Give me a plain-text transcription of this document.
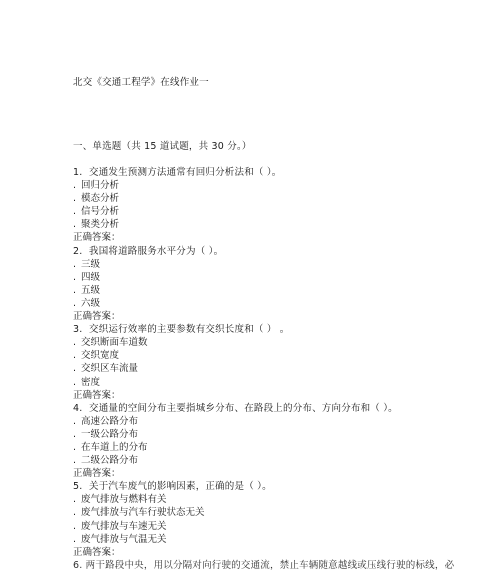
北交《交通工程学》在线作业一
一、单选题（共 15 道试题，共 30 分。）
1. 交通发生预测方法通常有回归分析法和（ ）。
. 回归分析
. 模态分析
. 信号分析
. 聚类分析
正确答案：
2. 我国将道路服务水平分为（ ）。
. 三级
. 四级
. 五级
. 六级
正确答案：
3. 交织运行效率的主要参数有交织长度和（ ） 。
. 交织断面车道数
. 交织宽度
. 交织区车流量
. 密度
正确答案：
4. 交通量的空间分布主要指城乡分布、在路段上的分布、方向分布和（ ）。
. 高速公路分布
. 一级公路分布
. 在车道上的分布
. 二级公路分布
正确答案：
5. 关于汽车废气的影响因素，正确的是（ ）。
. 废气排放与燃料有关
. 废气排放与汽车行驶状态无关
. 废气排放与车速无关
. 废气排放与气温无关
正确答案：
6. 两干路段中央，用以分隔对向行驶的交通流，禁止车辆随意越线或压线行驶的标线，必
